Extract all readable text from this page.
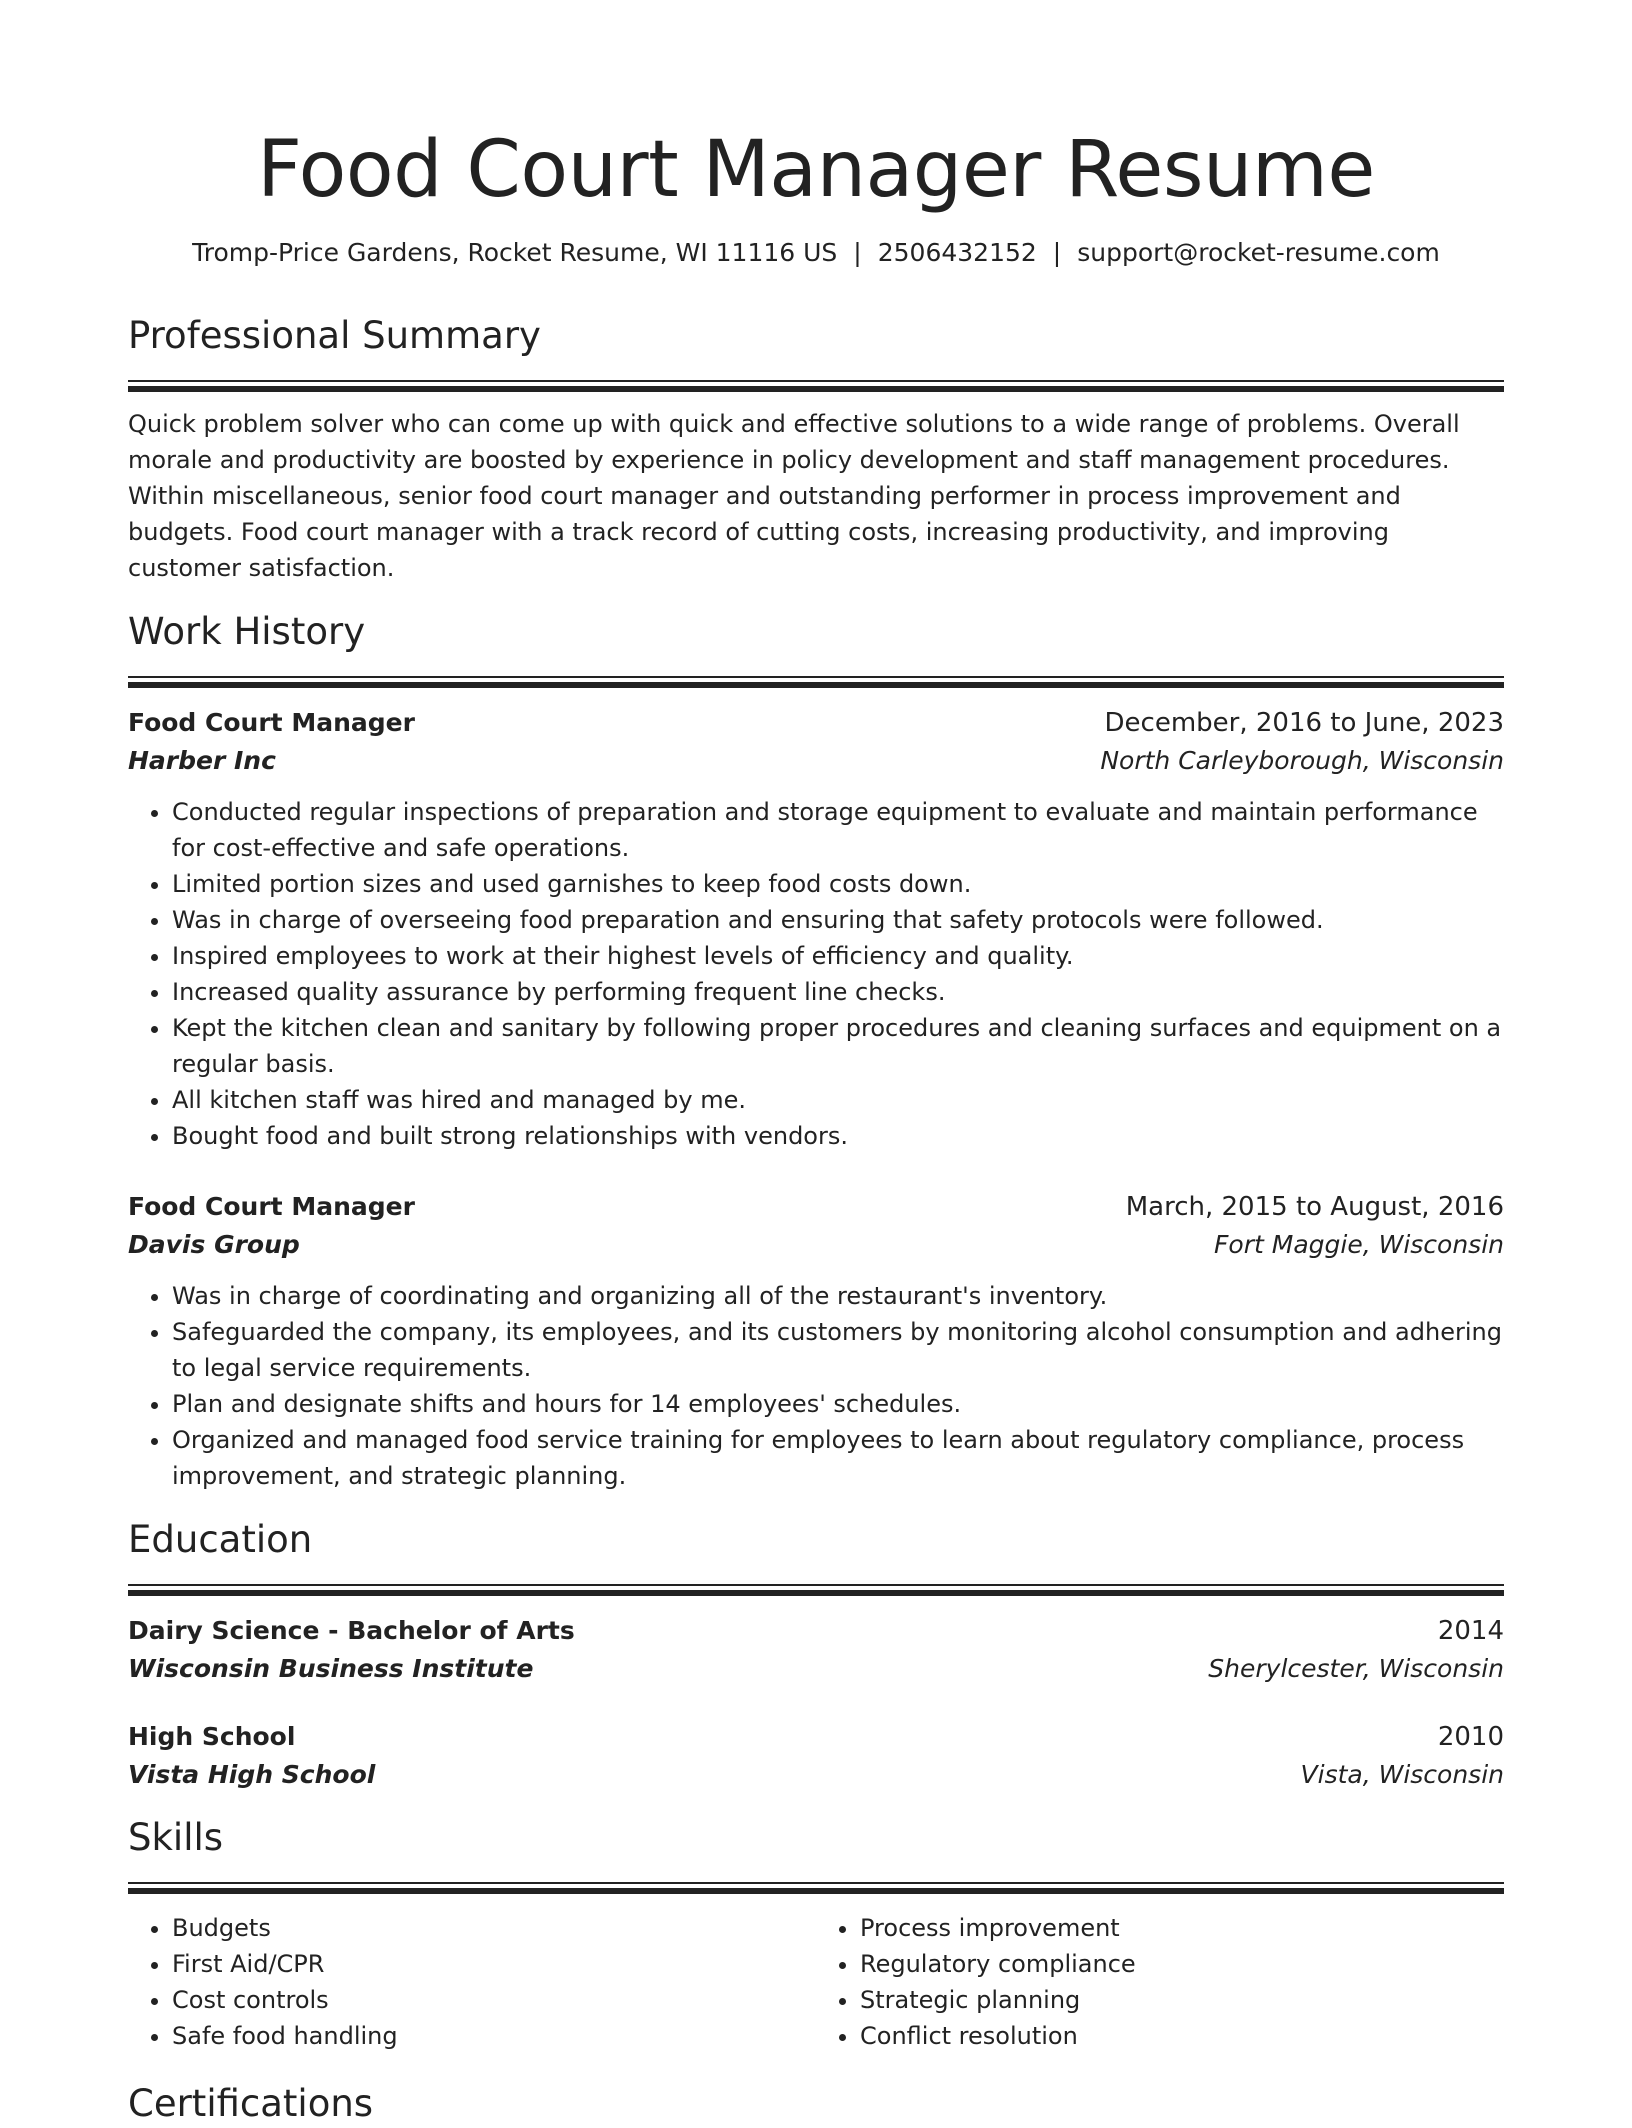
Food Court Manager Resume
Tromp-Price Gardens, Rocket Resume, WI 11116 US | 2506432152 | support@rocket-resume.com
Professional Summary

Quick problem solver who can come up with quick and effective solutions to a wide range of problems. Overall morale and productivity are boosted by experience in policy development and staff management procedures. Within miscellaneous, senior food court manager and outstanding performer in process improvement and budgets. Food court manager with a track record of cutting costs, increasing productivity, and improving customer satisfaction.

Work History
Food Court Manager	December, 2016 to June, 2023
Harber Inc	North Carleyborough, Wisconsin
• Conducted regular inspections of preparation and storage equipment to evaluate and maintain performance for cost-effective and safe operations.
• Limited portion sizes and used garnishes to keep food costs down.
• Was in charge of overseeing food preparation and ensuring that safety protocols were followed.
• Inspired employees to work at their highest levels of efficiency and quality.
• Increased quality assurance by performing frequent line checks.
• Kept the kitchen clean and sanitary by following proper procedures and cleaning surfaces and equipment on a regular basis.
• All kitchen staff was hired and managed by me.
• Bought food and built strong relationships with vendors.
Food Court Manager	March, 2015 to August, 2016
Davis Group	Fort Maggie, Wisconsin
• Was in charge of coordinating and organizing all of the restaurant's inventory.
• Safeguarded the company, its employees, and its customers by monitoring alcohol consumption and adhering to legal service requirements.
• Plan and designate shifts and hours for 14 employees' schedules.
• Organized and managed food service training for employees to learn about regulatory compliance, process improvement, and strategic planning.
Education
Dairy Science - Bachelor of Arts	2014
Wisconsin Business Institute	Sherylcester, Wisconsin
High School	2010
Vista High School	Vista, Wisconsin
Skills
• Budgets
• First Aid/CPR
• Cost controls
• Safe food handling
• Process improvement
• Regulatory compliance
• Strategic planning
• Conflict resolution
Certifications
